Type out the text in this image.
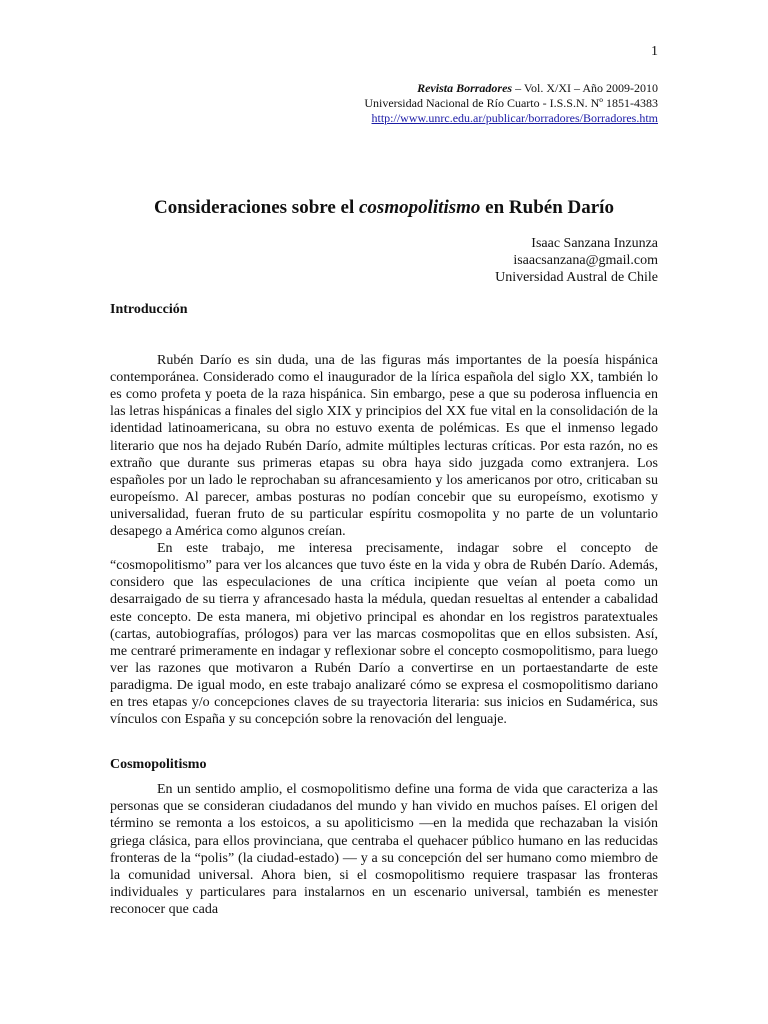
1
Revista Borradores – Vol. X/XI – Año 2009-2010
Universidad Nacional de Río Cuarto - I.S.S.N. Nº 1851-4383
http://www.unrc.edu.ar/publicar/borradores/Borradores.htm
Consideraciones sobre el cosmopolitismo en Rubén Darío
Isaac Sanzana Inzunza
isaacsanzana@gmail.com
Universidad Austral de Chile

Introducción

Rubén Darío es sin duda, una de las figuras más importantes de la poesía hispánica contemporánea. Considerado como el inaugurador de la lírica española del siglo XX, también lo es como profeta y poeta de la raza hispánica. Sin embargo, pese a que su poderosa influencia en las letras hispánicas a finales del siglo XIX y principios del XX fue vital en la consolidación de la identidad latinoamericana, su obra no estuvo exenta de polémicas. Es que el inmenso legado literario que nos ha dejado Rubén Darío, admite múltiples lecturas críticas. Por esta razón, no es extraño que durante sus primeras etapas su obra haya sido juzgada como extranjera. Los españoles por un lado le reprochaban su afrancesamiento y los americanos por otro, criticaban su europeísmo. Al parecer, ambas posturas no podían concebir que su europeísmo, exotismo y universalidad, fueran fruto de su particular espíritu cosmopolita y no parte de un voluntario desapego a América como algunos creían.

En este trabajo, me interesa precisamente, indagar sobre el concepto de “cosmopolitismo” para ver los alcances que tuvo éste en la vida y obra de Rubén Darío. Además, considero que las especulaciones de una crítica incipiente que veían al poeta como un desarraigado de su tierra y afrancesado hasta la médula, quedan resueltas al entender a cabalidad este concepto. De esta manera, mi objetivo principal es ahondar en los registros paratextuales (cartas, autobiografías, prólogos) para ver las marcas cosmopolitas que en ellos subsisten. Así, me centraré primeramente en indagar y reflexionar sobre el concepto cosmopolitismo, para luego ver las razones que motivaron a Rubén Darío a convertirse en un portaestandarte de este paradigma. De igual modo, en este trabajo analizaré cómo se expresa el cosmopolitismo dariano en tres etapas y/o concepciones claves de su trayectoria literaria: sus inicios en Sudamérica, sus vínculos con España y su concepción sobre la renovación del lenguaje.

Cosmopolitismo

En un sentido amplio, el cosmopolitismo define una forma de vida que caracteriza a las personas que se consideran ciudadanos del mundo y han vivido en muchos países. El origen del término se remonta a los estoicos, a su apoliticismo —en la medida que rechazaban la visión griega clásica, para ellos provinciana, que centraba el quehacer público humano en las reducidas fronteras de la “polis” (la ciudad-estado) — y a su concepción del ser humano como miembro de la comunidad universal. Ahora bien, si el cosmopolitismo requiere traspasar las fronteras individuales y particulares para instalarnos en un escenario universal, también es menester reconocer que cada
